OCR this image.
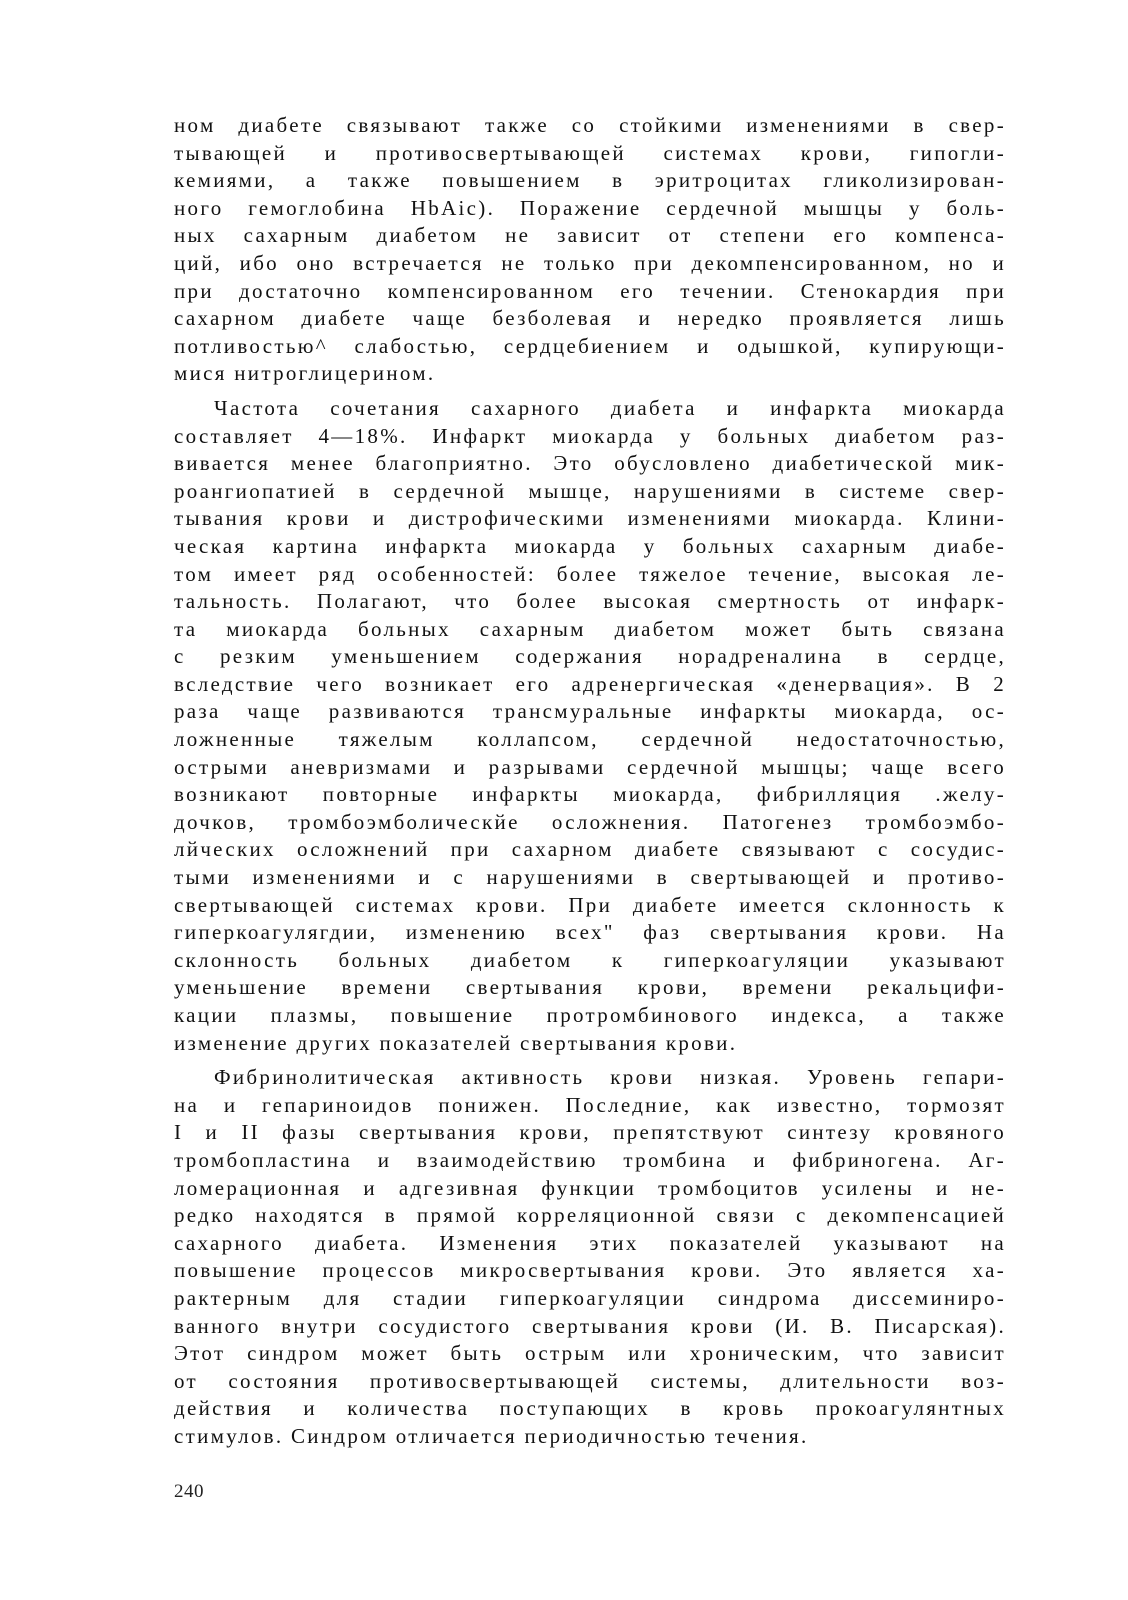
ном диабете связывают также со стойкими изменениями в свер-
тывающей и противосвертывающей системах крови, гипогли-
кемиями, а также повышением в эритроцитах гликолизирован-
ного гемоглобина HbAic). Поражение сердечной мышцы у боль-
ных сахарным диабетом не зависит от степени его компенса-
ций, ибо оно встречается не только при декомпенсированном, но и
при достаточно компенсированном его течении. Стенокардия при
сахарном диабете чаще безболевая и нередко проявляется лишь
потливостью^ слабостью, сердцебиением и одышкой, купирующи-
мися нитроглицерином.
Частота сочетания сахарного диабета и инфаркта миокарда
составляет 4—18%. Инфаркт миокарда у больных диабетом раз-
вивается менее благоприятно. Это обусловлено диабетической мик-
роангиопатией в сердечной мышце, нарушениями в системе свер-
тывания крови и дистрофическими изменениями миокарда. Клини-
ческая картина инфаркта миокарда у больных сахарным диабе-
том имеет ряд особенностей: более тяжелое течение, высокая ле-
тальность. Полагают, что более высокая смертность от инфарк-
та миокарда больных сахарным диабетом может быть связана
с резким уменьшением содержания норадреналина в сердце,
вследствие чего возникает его адренергическая «денервация». В 2
раза чаще развиваются трансмуральные инфаркты миокарда, ос-
ложненные тяжелым коллапсом, сердечной недостаточностью,
острыми аневризмами и разрывами сердечной мышцы; чаще всего
возникают повторные инфаркты миокарда, фибрилляция .желу-
дочков, тромбоэмболическйе осложнения. Патогенез тромбоэмбо-
лйческих осложнений при сахарном диабете связывают с сосудис-
тыми изменениями и с нарушениями в свертывающей и противо-
свертывающей системах крови. При диабете имеется склонность к
гиперкоагулягдии, изменению всех" фаз свертывания крови. На
склонность больных диабетом к гиперкоагуляции указывают
уменьшение времени свертывания крови, времени рекальцифи-
кации плазмы, повышение протромбинового индекса, а также
изменение других показателей свертывания крови.
Фибринолитическая активность крови низкая. Уровень гепари-
на и гепариноидов понижен. Последние, как известно, тормозят
I и II фазы свертывания крови, препятствуют синтезу кровяного
тромбопластина и взаимодействию тромбина и фибриногена. Аг-
ломерационная и адгезивная функции тромбоцитов усилены и не-
редко находятся в прямой корреляционной связи с декомпенсацией
сахарного диабета. Изменения этих показателей указывают на
повышение процессов микросвертывания крови. Это является ха-
рактерным для стадии гиперкоагуляции синдрома диссеминиро-
ванного внутри сосудистого свертывания крови (И. В. Писарская).
Этот синдром может быть острым или хроническим, что зависит
от состояния противосвертывающей системы, длительности воз-
действия и количества поступающих в кровь прокоагулянтных
стимулов. Синдром отличается периодичностью течения.
240
